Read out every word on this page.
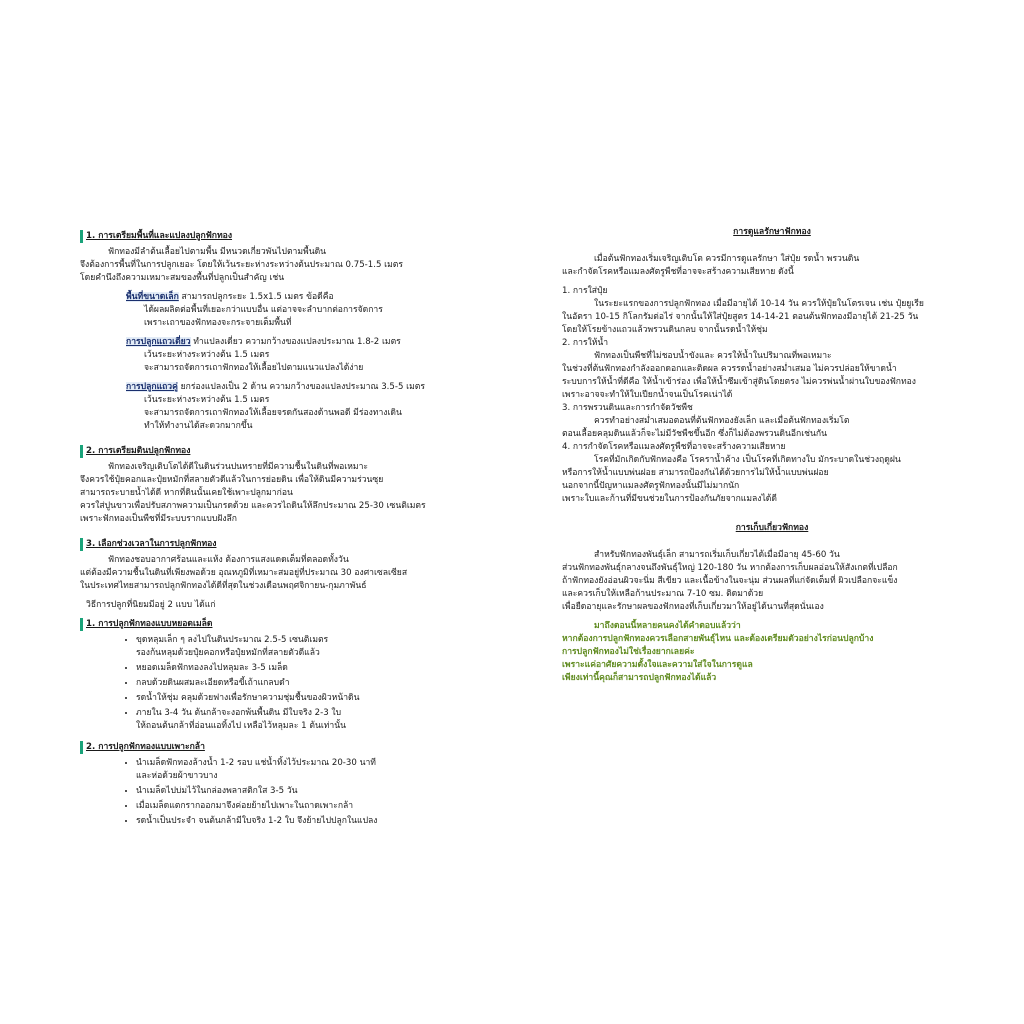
1. การเตรียมพื้นที่และแปลงปลูกฟักทอง
ฟักทองมีลำต้นเลื้อยไปตามพื้น มีหนวดเกี่ยวพันไปตามพื้นดิน
จึงต้องการพื้นที่ในการปลูกเยอะ โดยให้เว้นระยะห่างระหว่างต้นประมาณ 0.75-1.5 เมตร
โดยคำนึงถึงความเหมาะสมของพื้นที่ปลูกเป็นสำคัญ เช่น
พื้นที่ขนาดเล็ก สามารถปลูกระยะ 1.5x1.5 เมตร ข้อดีคือ
ได้ผลผลิตต่อพื้นที่เยอะกว่าแบบอื่น แต่อาจจะลำบากต่อการจัดการ
เพราะเถาของฟักทองจะกระจายเต็มพื้นที่
การปลูกแถวเดี่ยว ทำแปลงเดี่ยว ความกว้างของแปลงประมาณ 1.8-2 เมตร
เว้นระยะห่างระหว่างต้น 1.5 เมตร
จะสามารถจัดการเถาฟักทองให้เลื้อยไปตามแนวแปลงได้ง่าย
การปลูกแถวคู่ ยกร่องแปลงเป็น 2 ด้าน ความกว้างของแปลงประมาณ 3.5-5 เมตร
เว้นระยะห่างระหว่างต้น 1.5 เมตร
จะสามารถจัดการเถาฟักทองให้เลื้อยจรดกันสองด้านพอดี มีร่องทางเดิน
ทำให้ทำงานได้สะดวกมากขึ้น
2. การเตรียมดินปลูกฟักทอง
ฟักทองเจริญเติบโตได้ดีในดินร่วนปนทรายที่มีความชื้นในดินที่พอเหมาะ
จึงควรใช้ปุ๋ยคอกและปุ๋ยหมักที่สลายตัวดีแล้วในการย่อยดิน เพื่อให้ดินมีความร่วนซุย
สามารถระบายน้ำได้ดี หากที่ดินนั้นเคยใช้เพาะปลูกมาก่อน
ควรใส่ปูนขาวเพื่อปรับสภาพความเป็นกรดด้วย และควรไถดินให้ลึกประมาณ 25-30 เซนติเมตร
เพราะฟักทองเป็นพืชที่มีระบบรากแบบฝังลึก
3. เลือกช่วงเวลาในการปลูกฟักทอง
ฟักทองชอบอากาศร้อนและแห้ง ต้องการแสงแดดเต็มที่ตลอดทั้งวัน
แต่ต้องมีความชื้นในดินที่เพียงพอด้วย อุณหภูมิที่เหมาะสมอยู่ที่ประมาณ 30 องศาเซลเซียส
ในประเทศไทยสามารถปลูกฟักทองได้ดีที่สุดในช่วงเดือนพฤศจิกายน-กุมภาพันธ์
วิธีการปลูกที่นิยมมีอยู่ 2 แบบ ได้แก่
1. การปลูกฟักทองแบบหยอดเมล็ด
• ขุดหลุมเล็ก ๆ ลงไปในดินประมาณ 2.5-5 เซนติเมตร
รองก้นหลุมด้วยปุ๋ยคอกหรือปุ๋ยหมักที่สลายตัวดีแล้ว
• หยอดเมล็ดฟักทองลงไปหลุมละ 3-5 เมล็ด
• กลบด้วยดินผสมละเอียดหรือขี้เถ้าแกลบดำ
• รดน้ำให้ชุ่ม คลุมด้วยฟางเพื่อรักษาความชุ่มชื้นของผิวหน้าดิน
• ภายใน 3-4 วัน ต้นกล้าจะงอกพ้นพื้นดิน มีใบจริง 2-3 ใบ
ให้ถอนต้นกล้าที่อ่อนแอทิ้งไป เหลือไว้หลุมละ 1 ต้นเท่านั้น
2. การปลูกฟักทองแบบเพาะกล้า
• นำเมล็ดฟักทองล้างน้ำ 1-2 รอบ แช่น้ำทิ้งไว้ประมาณ 20-30 นาที
และห่อด้วยผ้าขาวบาง
• นำเมล็ดไปบ่มไว้ในกล่องพลาสติกใส 3-5 วัน
• เมื่อเมล็ดแตกรากออกมาจึงค่อยย้ายไปเพาะในถาดเพาะกล้า
• รดน้ำเป็นประจำ จนต้นกล้ามีใบจริง 1-2 ใบ จึงย้ายไปปลูกในแปลง
การดูแลรักษาฟักทอง
เมื่อต้นฟักทองเริ่มเจริญเติบโต ควรมีการดูแลรักษา ใส่ปุ๋ย รดน้ำ พรวนดิน
และกำจัดโรคหรือแมลงศัตรูพืชที่อาจจะสร้างความเสียหาย ดังนี้
1. การใส่ปุ๋ย
ในระยะแรกของการปลูกฟักทอง เมื่อมีอายุได้ 10-14 วัน ควรให้ปุ๋ยในโตรเจน เช่น ปุ๋ยยูเรีย
ในอัตรา 10-15 กิโลกรัมต่อไร่ จากนั้นให้ใส่ปุ๋ยสูตร 14-14-21 ตอนต้นฟักทองมีอายุได้ 21-25 วัน
โดยให้โรยข้างแถวแล้วพรวนดินกลบ จากนั้นรดน้ำให้ชุ่ม
2. การให้น้ำ
ฟักทองเป็นพืชที่ไม่ชอบน้ำขังและ ควรให้น้ำในปริมาณที่พอเหมาะ
ในช่วงที่ต้นฟักทองกำลังออกดอกและติดผล ควรรดน้ำอย่างสม่ำเสมอ ไม่ควรปล่อยให้ขาดน้ำ
ระบบการให้น้ำที่ดีคือ ให้น้ำเข้าร่อง เพื่อให้น้ำซึมเข้าสู่ดินโดยตรง ไม่ควรพ่นน้ำผ่านใบของฟักทอง
เพราะอาจจะทำให้ใบเปียกน้ำจนเป็นโรคเน่าได้
3. การพรวนดินและการกำจัดวัชพืช
ควรทำอย่างสม่ำเสมอตอนที่ต้นฟักทองยังเล็ก และเมื่อต้นฟักทองเริ่มโต
ตอนเลื้อยคลุมดินแล้วก็จะไม่มีวัชพืชขึ้นอีก ซึ่งก็ไม่ต้องพรวนดินอีกเช่นกัน
4. การกำจัดโรคหรือแมลงศัตรูพืชที่อาจจะสร้างความเสียหาย
โรคที่มักเกิดกับฟักทองคือ โรคราน้ำค้าง เป็นโรคที่เกิดทางใบ มักระบาดในช่วงฤดูฝน
หรือการให้น้ำแบบพ่นฝอย สามารถป้องกันได้ด้วยการไม่ให้น้ำแบบพ่นฝอย
นอกจากนี้ปัญหาแมลงศัตรูฟักทองนั้นมีไม่มากนัก
เพราะใบและก้านที่มีขนช่วยในการป้องกันภัยจากแมลงได้ดี
การเก็บเกี่ยวฟักทอง
สำหรับฟักทองพันธุ์เล็ก สามารถเริ่มเก็บเกี่ยวได้เมื่อมีอายุ 45-60 วัน
ส่วนฟักทองพันธุ์กลางจนถึงพันธุ์ใหญ่ 120-180 วัน หากต้องการเก็บผลอ่อนให้สังเกตที่เปลือก
ถ้าฟักทองยังอ่อนผิวจะนิ่ม สีเขียว และเนื้อข้างในจะนุ่ม ส่วนผลที่แก่จัดเต็มที่ ผิวเปลือกจะแข็ง
และควรเก็บให้เหลือก้านประมาณ 7-10 ซม. ติดมาด้วย
เพื่อยืดอายุและรักษาผลของฟักทองที่เก็บเกี่ยวมาให้อยู่ได้นานที่สุดนั่นเอง
มาถึงตอนนี้หลายคนคงได้คำตอบแล้วว่า
หากต้องการปลูกฟักทองควรเลือกสายพันธุ์ไหน และต้องเตรียมตัวอย่างไรก่อนปลูกบ้าง
การปลูกฟักทองไม่ใช่เรื่องยากเลยค่ะ
เพราะแค่อาศัยความตั้งใจและความใส่ใจในการดูแล
เพียงเท่านี้คุณก็สามารถปลูกฟักทองได้แล้ว
